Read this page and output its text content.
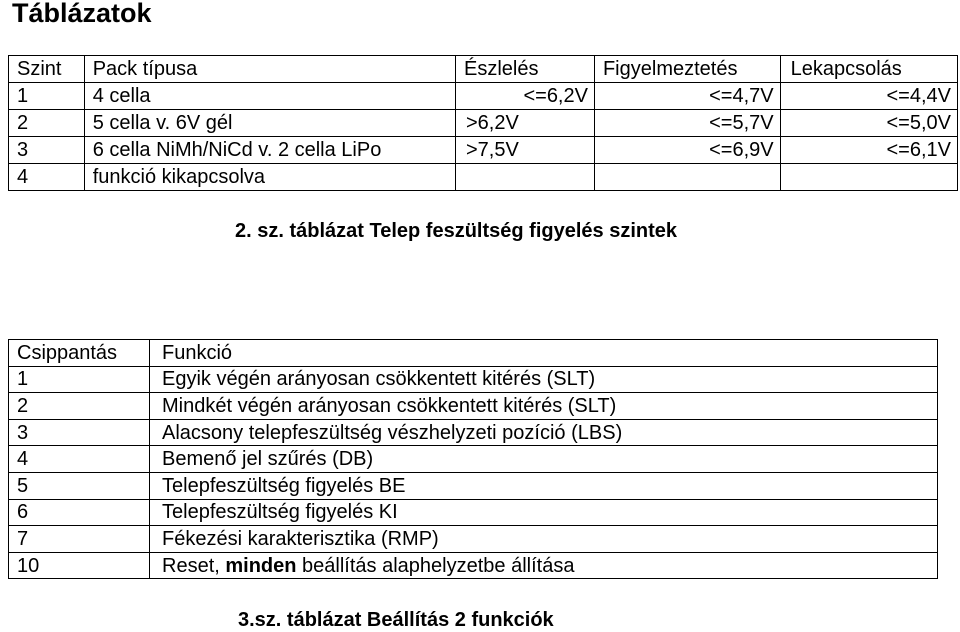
Táblázatok
Szint	Pack típusa	Észlelés	Figyelmeztetés	Lekapcsolás
1	4 cella	<=6,2V	<=4,7V	<=4,4V
2	5 cella v. 6V gél	>6,2V	<=5,7V	<=5,0V
3	6 cella NiMh/NiCd v. 2 cella LiPo	>7,5V	<=6,9V	<=6,1V
4	funkció kikapcsolva			
2. sz. táblázat Telep feszültség figyelés szintek
Csippantás	Funkció
1	Egyik végén arányosan csökkentett kitérés (SLT)
2	Mindkét végén arányosan csökkentett kitérés (SLT)
3	Alacsony telepfeszültség vészhelyzeti pozíció (LBS)
4	Bemenő jel szűrés (DB)
5	Telepfeszültség figyelés BE
6	Telepfeszültség figyelés KI
7	Fékezési karakterisztika (RMP)
10	Reset, minden beállítás alaphelyzetbe állítása
3.sz. táblázat Beállítás 2 funkciók
